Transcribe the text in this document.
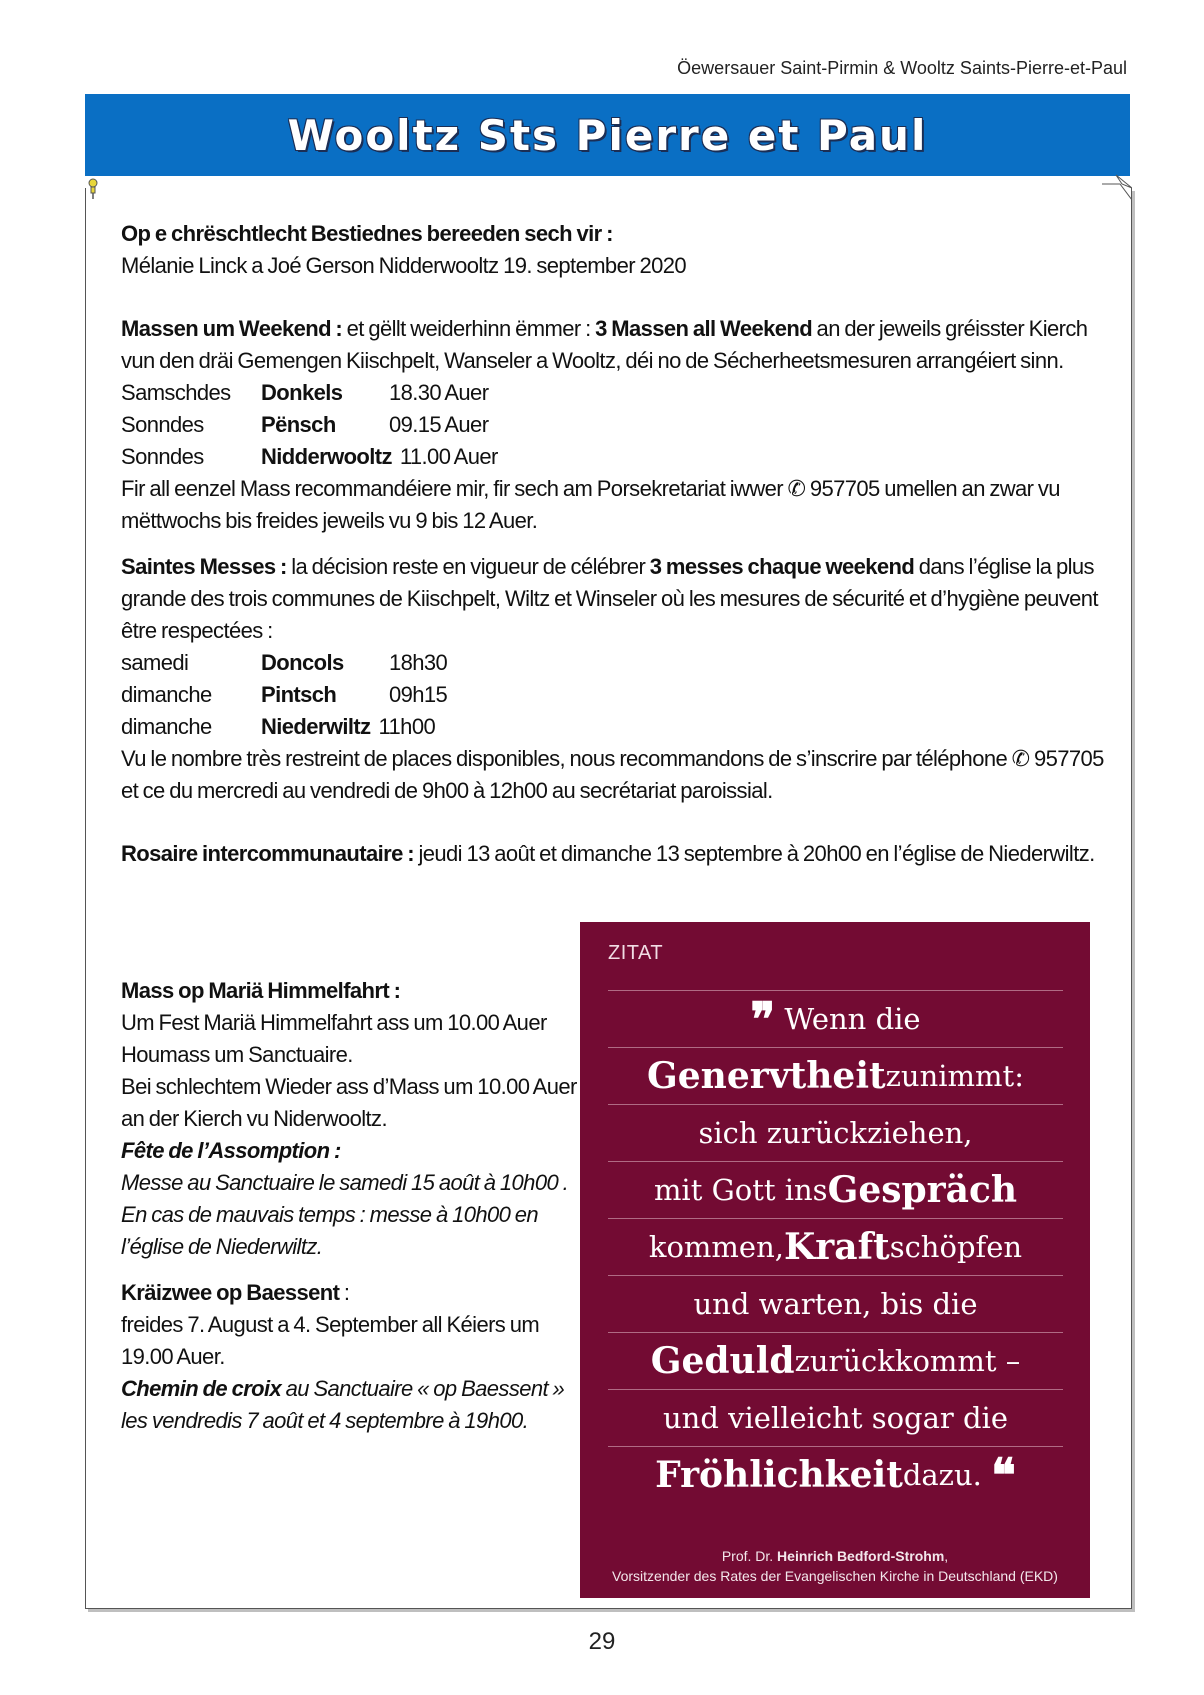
Öewersauer Saint-Pirmin & Wooltz Saints-Pierre-et-Paul
Wooltz Sts Pierre et Paul

Op e chrëschtlecht Bestiednes bereeden sech vir :
Mélanie Linck a Joé Gerson Nidderwooltz 19. september 2020

Massen um Weekend : et gëllt weiderhinn ëmmer : 3 Massen all Weekend an der jeweils gréisster Kierch vun den dräi Gemengen Kiischpelt, Wanseler a Wooltz, déi no de Sécherheetsmesuren arrangéiert sinn.

Samschdes	Donkels	18.30 Auer
Sonndes	Pënsch	09.15 Auer
Sonndes	Nidderwooltz 11.00 Auer

Fir all eenzel Mass recommandéiere mir, fir sech am Porsekretariat iwwer ✆ 957705 umellen an zwar vu mëttwochs bis freides jeweils vu 9 bis 12 Auer.

Saintes Messes : la décision reste en vigueur de célébrer 3 messes chaque weekend dans l’église la plus grande des trois communes de Kiischpelt, Wiltz et Winseler où les mesures de sécurité et d’hygiène peuvent être respectées :

samedi	Doncols	18h30
dimanche	Pintsch	09h15
dimanche	Niederwiltz 11h00

Vu le nombre très restreint de places disponibles, nous recommandons de s’inscrire par téléphone ✆ 957705 et ce du mercredi au vendredi de 9h00 à 12h00 au secrétariat paroissial.

Rosaire intercommunautaire : jeudi 13 août et dimanche 13 septembre à 20h00 en l’église de Niederwiltz.

Mass op Mariä Himmelfahrt :
Um Fest Mariä Himmelfahrt ass um 10.00 Auer Houmass um Sanctuaire.
Bei schlechtem Wieder ass d’Mass um 10.00 Auer an der Kierch vu Niderwooltz.

Fête de l’Assomption :
Messe au Sanctuaire le samedi 15 août à 10h00 .
En cas de mauvais temps : messe à 10h00 en l’église de Niederwiltz.

Kräizwee op Baessent :
freides 7. August a 4. September all Kéiers um 19.00 Auer.

Chemin de croix au Sanctuaire « op Baessent » les vendredis 7 août et 4 septembre à 19h00.

ZITAT
❞
Wenn die
Genervtheit zunimmt:
sich zurückziehen,
mit Gott ins Gespräch
kommen, Kraft schöpfen
und warten, bis die
Geduld zurückkommt –
und vielleicht sogar die
Fröhlichkeit dazu.
❝
Prof. Dr. Heinrich Bedford-Strohm,
Vorsitzender des Rates der Evangelischen Kirche in Deutschland (EKD)
29
